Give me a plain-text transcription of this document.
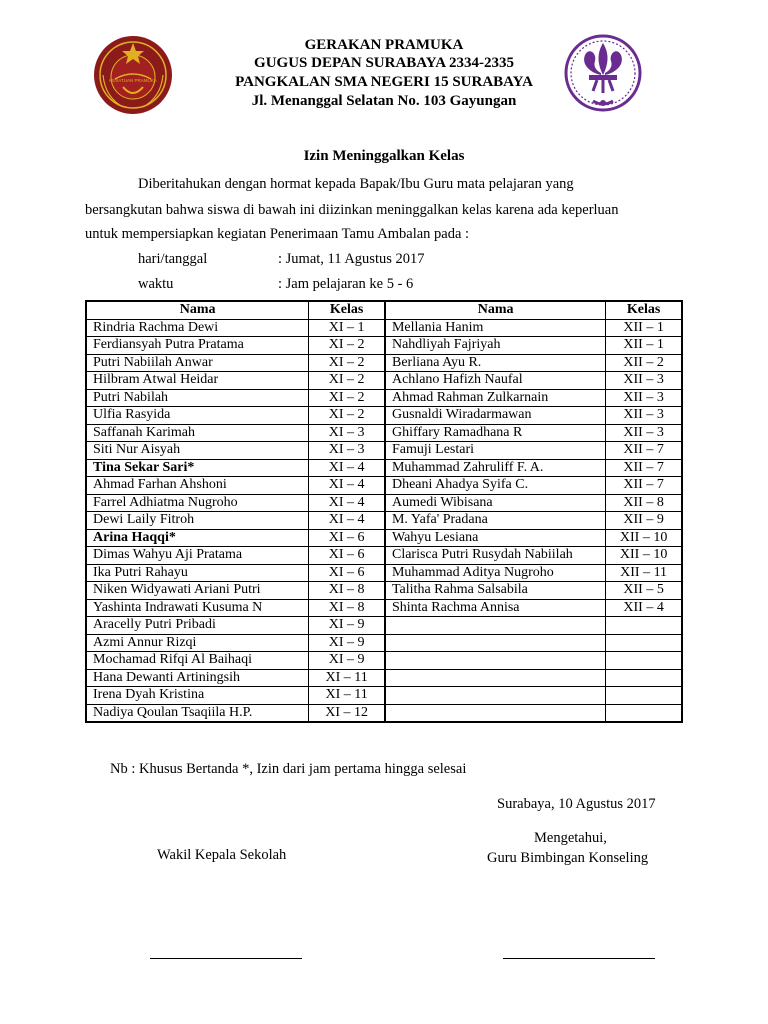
KESATUAN PRAMUKA
GERAKAN PRAMUKA
GUGUS DEPAN SURABAYA 2334-2335
PANGKALAN SMA NEGERI 15 SURABAYA
Jl. Menanggal Selatan No. 103 Gayungan
Izin Meninggalkan Kelas
Diberitahukan dengan hormat kepada Bapak/Ibu Guru mata pelajaran yang
bersangkutan bahwa siswa di bawah ini diizinkan meninggalkan kelas karena ada keperluan
untuk mempersiapkan kegiatan Penerimaan Tamu Ambalan pada :
hari/tanggal	: Jumat, 11 Agustus 2017
waktu	: Jam pelajaran ke 5 - 6
Nama	Kelas	Nama	Kelas
Rindria Rachma Dewi	XI – 1	Mellania Hanim	XII – 1
Ferdiansyah Putra Pratama	XI – 2	Nahdliyah Fajriyah	XII – 1
Putri Nabiilah Anwar	XI – 2	Berliana Ayu R.	XII – 2
Hilbram Atwal Heidar	XI – 2	Achlano Hafizh Naufal	XII – 3
Putri Nabilah	XI – 2	Ahmad Rahman Zulkarnain	XII – 3
Ulfia Rasyida	XI – 2	Gusnaldi Wiradarmawan	XII – 3
Saffanah Karimah	XI – 3	Ghiffary Ramadhana R	XII – 3
Siti Nur Aisyah	XI – 3	Famuji Lestari	XII – 7
Tina Sekar Sari*	XI – 4	Muhammad Zahruliff F. A.	XII – 7
Ahmad Farhan Ahshoni	XI – 4	Dheani Ahadya Syifa C.	XII – 7
Farrel Adhiatma Nugroho	XI – 4	Aumedi Wibisana	XII – 8
Dewi Laily Fitroh	XI – 4	M. Yafa' Pradana	XII – 9
Arina Haqqi*	XI – 6	Wahyu Lesiana	XII – 10
Dimas Wahyu Aji Pratama	XI – 6	Clarisca Putri Rusydah Nabiilah	XII – 10
Ika Putri Rahayu	XI – 6	Muhammad Aditya Nugroho	XII – 11
Niken Widyawati Ariani Putri	XI – 8	Talitha Rahma Salsabila	XII – 5
Yashinta Indrawati Kusuma N	XI – 8	Shinta Rachma Annisa	XII – 4
Aracelly Putri Pribadi	XI – 9		
Azmi Annur Rizqi	XI – 9		
Mochamad Rifqi Al Baihaqi	XI – 9		
Hana Dewanti Artiningsih	XI – 11		
Irena Dyah Kristina	XI – 11		
Nadiya Qoulan Tsaqiila H.P.	XI – 12		
Nb : Khusus Bertanda *, Izin dari jam pertama hingga selesai
Surabaya, 10 Agustus 2017
Mengetahui,
Wakil Kepala Sekolah	Guru Bimbingan Konseling
